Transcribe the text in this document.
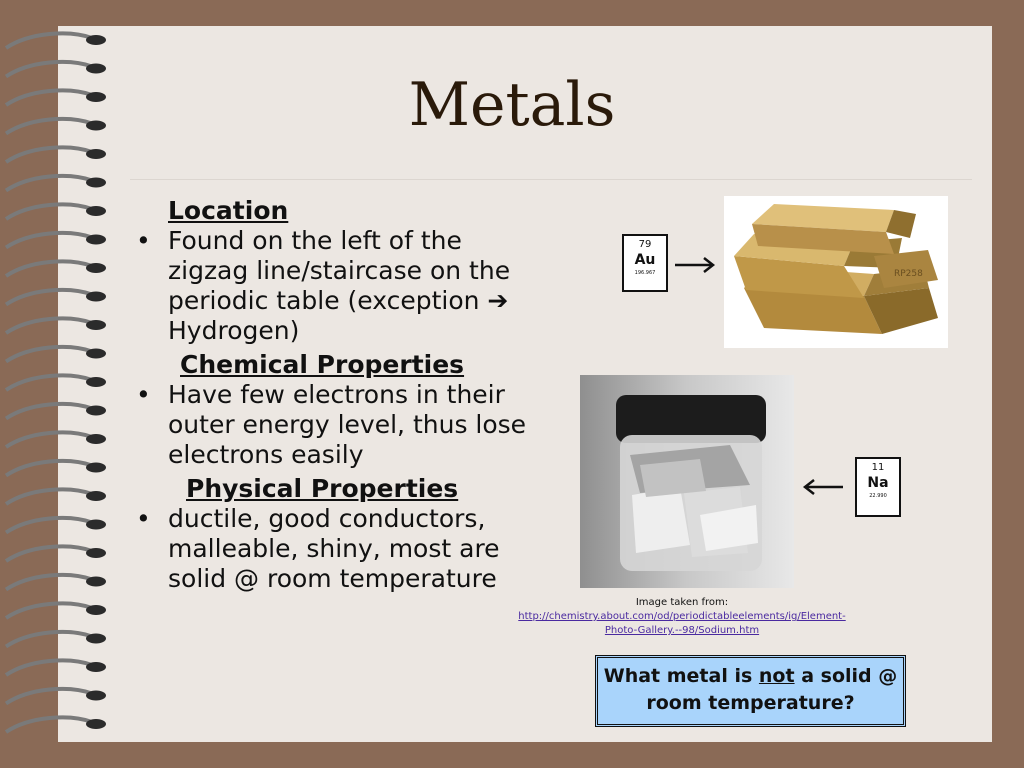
Metals
Location
• Found on the left of the zigzag line/staircase on the periodic table (exception ➔ Hydrogen)
Chemical Properties
• Have few electrons in their outer energy level, thus lose electrons easily
Physical Properties
• ductile, good conductors, malleable, shiny, most are solid @ room temperature
79
Au
196.967	RP258
11
Na
22.990
Image taken from:
http://chemistry.about.com/od/periodictableelements/ig/Element-Photo-Gallery.--98/Sodium.htm
What metal is not a solid @ room temperature?
